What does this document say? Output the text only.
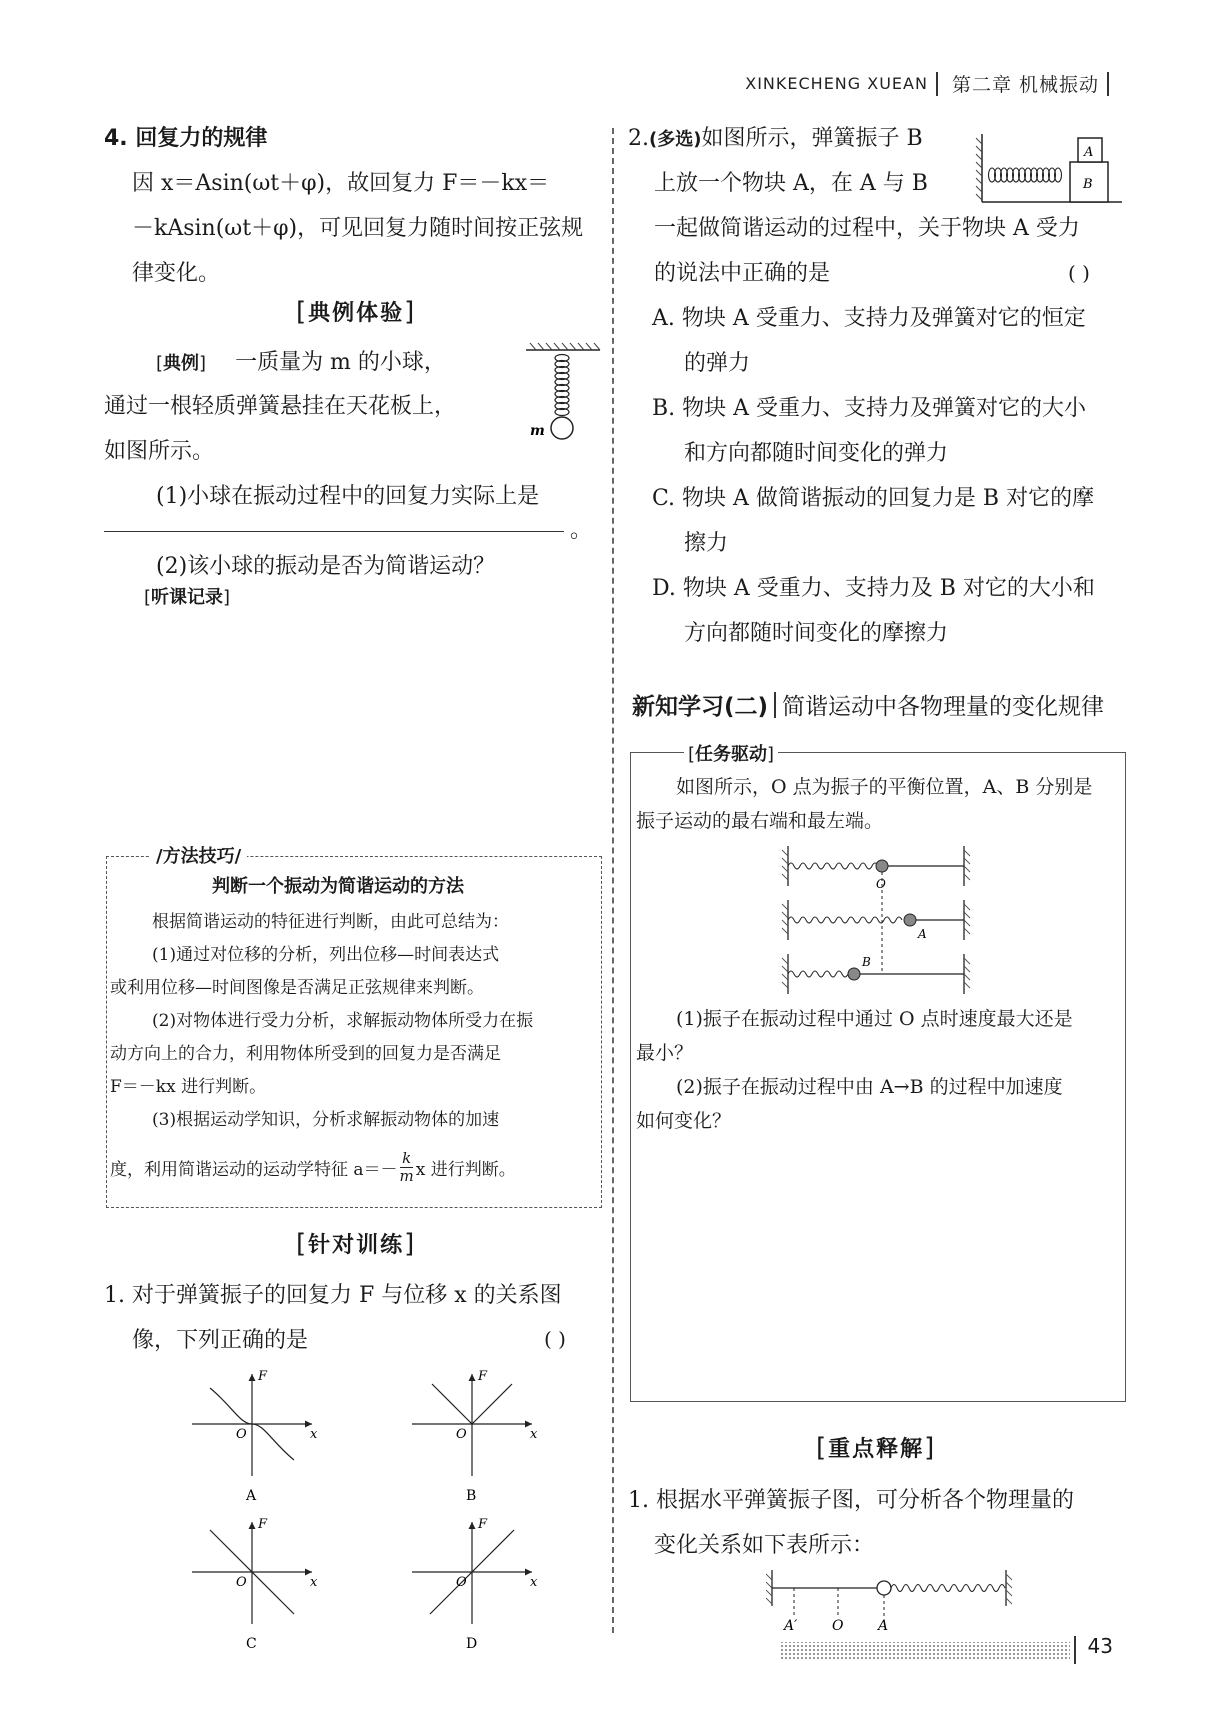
XINKECHENG XUEAN 第二章 机械振动
4. 回复力的规律
因 x＝Asin(ωt＋φ)，故回复力 F＝－kx＝
－kAsin(ωt＋φ)，可见回复力随时间按正弦规
律变化。
[典例体验]
[典例] 一质量为 m 的小球，
通过一根轻质弹簧悬挂在天花板上，
如图所示。
m
(1)小球在振动过程中的回复力实际上是
。
(2)该小球的振动是否为简谐运动？
[听课记录]
/方法技巧/
判断一个振动为简谐运动的方法
根据简谐运动的特征进行判断，由此可总结为：
(1)通过对位移的分析，列出位移—时间表达式
或利用位移—时间图像是否满足正弦规律来判断。
(2)对物体进行受力分析，求解振动物体所受力在振
动方向上的合力，利用物体所受到的回复力是否满足
F＝－kx 进行判断。
(3)根据运动学知识，分析求解振动物体的加速
度，利用简谐运动的运动学特征 a＝－
k
m x 进行判断。
[针对训练]
1. 对于弹簧振子的回复力 F 与位移 x 的关系图
像，下列正确的是	( )
F
x
O
A
F
x
O
B
F
x
O
C
F
x
O
D
2.(多选)如图所示，弹簧振子 B
上放一个物块 A，在 A 与 B
一起做简谐运动的过程中，关于物块 A 受力
的说法中正确的是	( )
A
B
A. 物块 A 受重力、支持力及弹簧对它的恒定
的弹力
B. 物块 A 受重力、支持力及弹簧对它的大小
和方向都随时间变化的弹力
C. 物块 A 做简谐振动的回复力是 B 对它的摩
擦力
D. 物块 A 受重力、支持力及 B 对它的大小和
方向都随时间变化的摩擦力
新知学习(二) 简谐运动中各物理量的变化规律
[任务驱动]
如图所示，O 点为振子的平衡位置，A、B 分别是
振子运动的最右端和最左端。
O
A
B
(1)振子在振动过程中通过 O 点时速度最大还是
最小？
(2)振子在振动过程中由 A→B 的过程中加速度
如何变化？
[重点释解]
1. 根据水平弹簧振子图，可分析各个物理量的
变化关系如下表所示：
A′ O A
43
